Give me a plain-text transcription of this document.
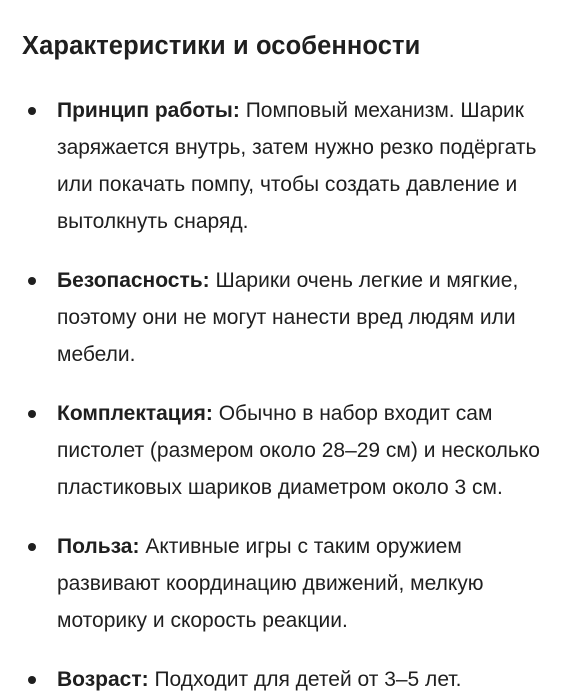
Характеристики и особенности
Принцип работы: Помповый механизм. Шарик заряжается внутрь, затем нужно резко подёргать или покачать помпу, чтобы создать давление и вытолкнуть снаряд.
Безопасность: Шарики очень легкие и мягкие, поэтому они не могут нанести вред людям или мебели.
Комплектация: Обычно в набор входит сам пистолет (размером около 28–29 см) и несколько пластиковых шариков диаметром около 3 см.
Польза: Активные игры с таким оружием развивают координацию движений, мелкую моторику и скорость реакции.
Возраст: Подходит для детей от 3–5 лет.
